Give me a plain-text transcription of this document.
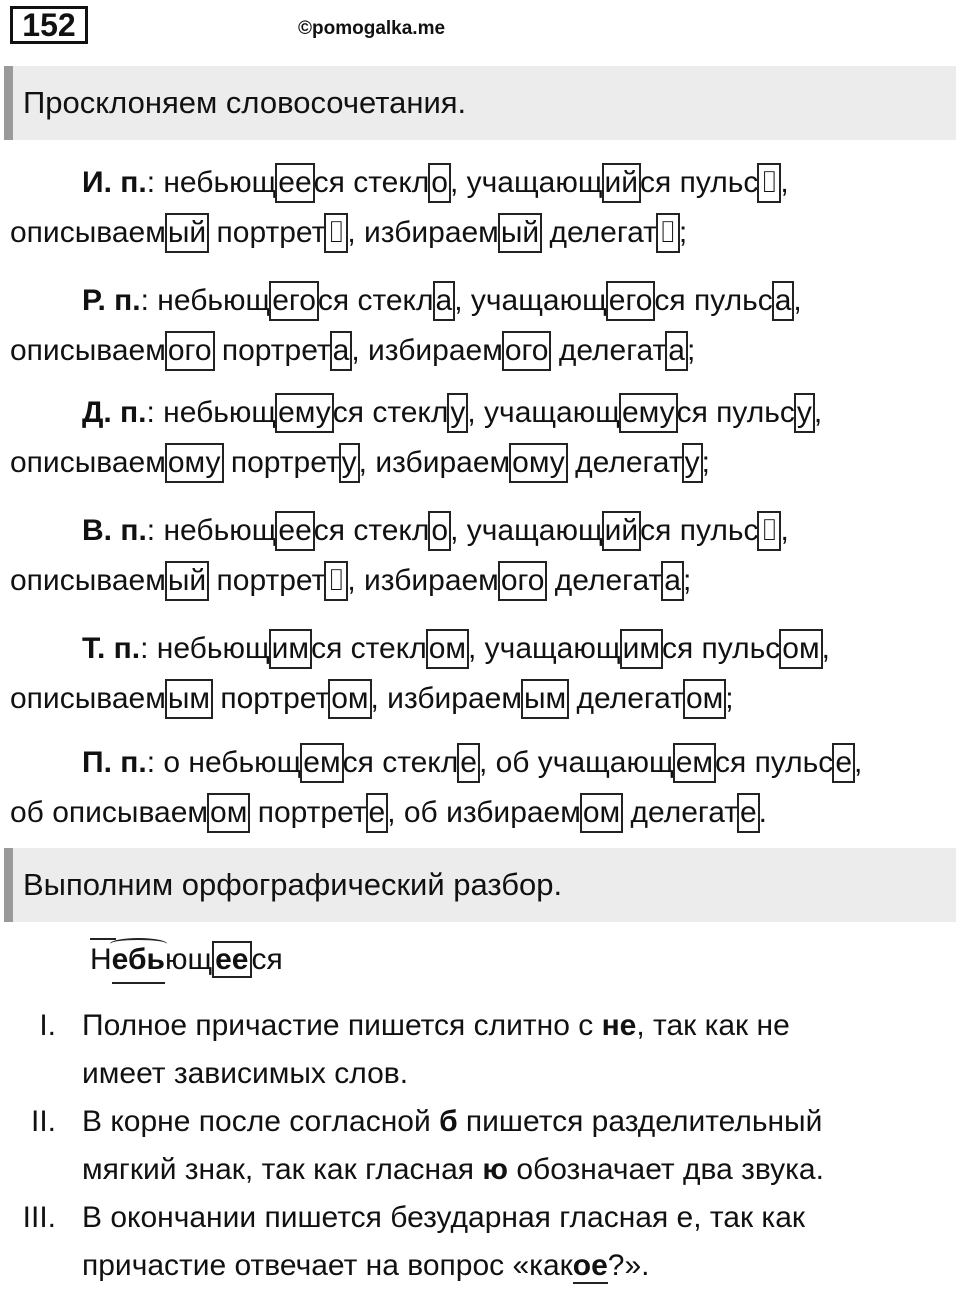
152	©pomogalka.me
Просклоняем словосочетания.
И. п.: небьющееся стекло, учащающийся пульс⌷,
описываемый портрет⌷, избираемый делегат⌷;
Р. п.: небьющегося стекла, учащающегося пульса,
описываемого портрета, избираемого делегата;
Д. п.: небьющемуся стеклу, учащающемуся пульсу,
описываемому портрету, избираемому делегату;
В. п.: небьющееся стекло, учащающийся пульс⌷,
описываемый портрет⌷, избираемого делегата;
Т. п.: небьющимся стеклом, учащающимся пульсом,
описываемым портретом, избираемым делегатом;
П. п.: о небьющемся стекле, об учащающемся пульсе,
об описываемом портрете, об избираемом делегате.
Выполним орфографический разбор.
Небьющ ее ся
I. Полное причастие пишется слитно с не, так как не
имеет зависимых слов.
II. В корне после согласной б пишется разделительный
мягкий знак, так как гласная ю обозначает два звука.
III. В окончании пишется безударная гласная е, так как
причастие отвечает на вопрос «какое?».
